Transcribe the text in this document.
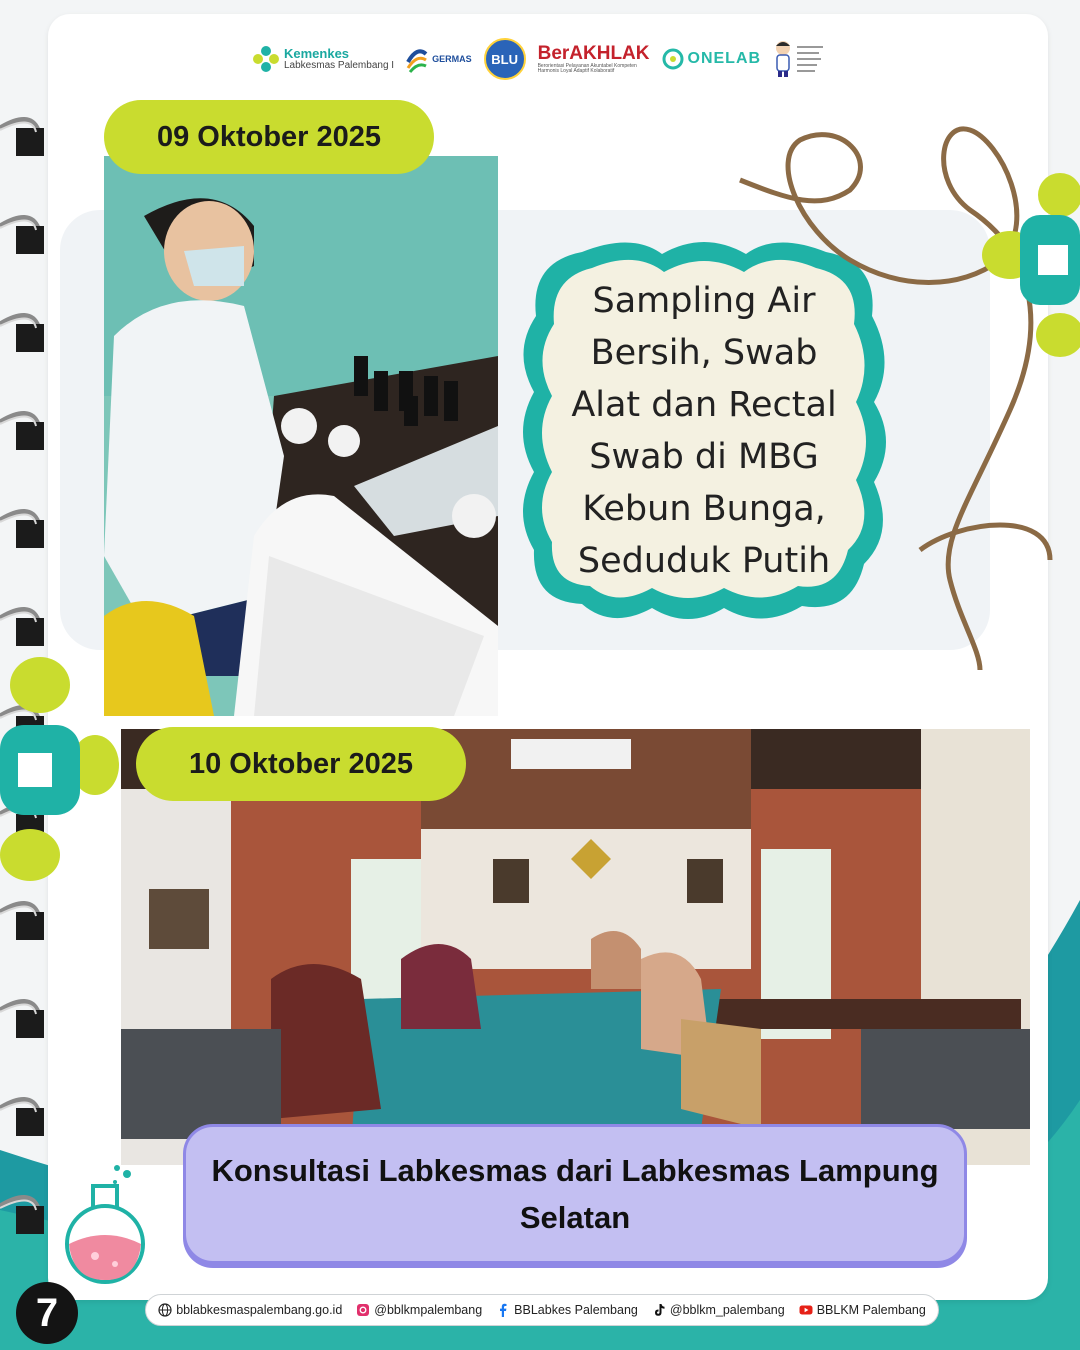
Kemenkes
Labkesmas Palembang I
GERMAS	BLU	BerAKHLAK
Berorientasi Pelayanan Akuntabel Kompeten Harmonis Loyal Adaptif Kolaboratif
ONELAB
09 Oktober 2025
Sampling Air Bersih, Swab Alat dan Rectal Swab di MBG Kebun Bunga, Seduduk Putih
10 Oktober 2025
Konsultasi Labkesmas dari Labkesmas Lampung Selatan
bblabkesmaspalembang.go.id	@bblkmpalembang	BBLabkes Palembang	@bblkm_palembang	BBLKM Palembang
7
